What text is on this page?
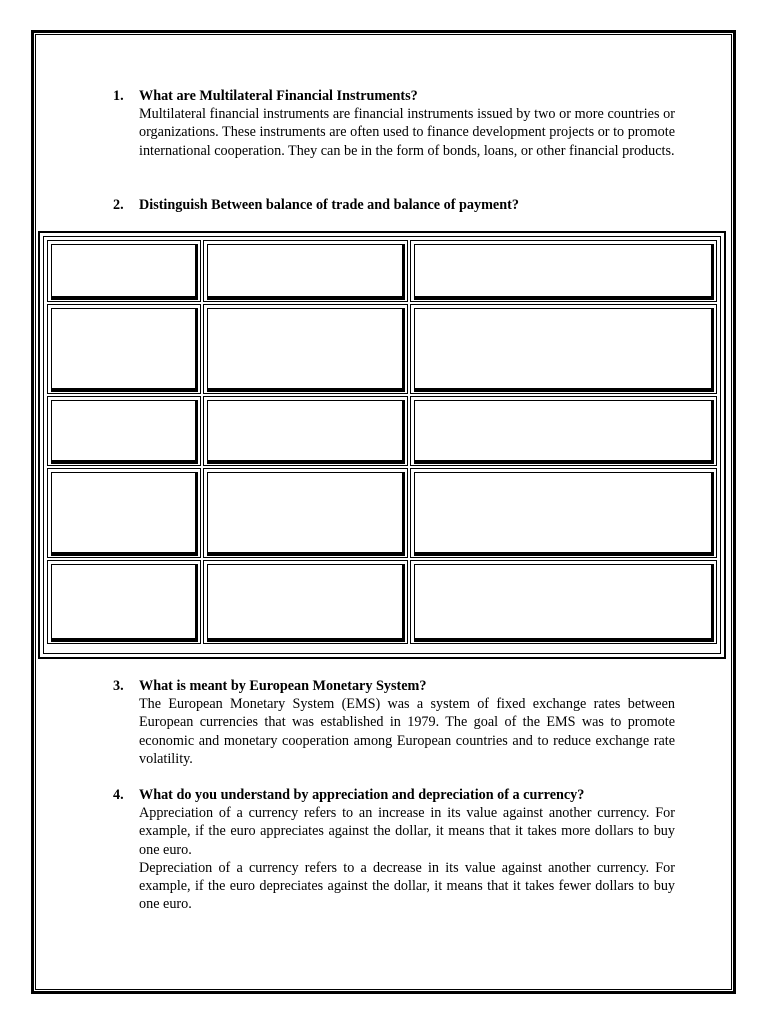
1.	What are Multilateral Financial Instruments?

Multilateral financial instruments are financial instruments issued by two or more countries or organizations. These instruments are often used to finance development projects or to promote international cooperation. They can be in the form of bonds, loans, or other financial products.

2.	Distinguish Between balance of trade and balance of payment?
3.	What is meant by European Monetary System?

The European Monetary System (EMS) was a system of fixed exchange rates between European currencies that was established in 1979. The goal of the EMS was to promote economic and monetary cooperation among European countries and to reduce exchange rate volatility.

4.	What do you understand by appreciation and depreciation of a currency?

Appreciation of a currency refers to an increase in its value against another currency. For example, if the euro appreciates against the dollar, it means that it takes more dollars to buy one euro.

Depreciation of a currency refers to a decrease in its value against another currency. For example, if the euro depreciates against the dollar, it means that it takes fewer dollars to buy one euro.
